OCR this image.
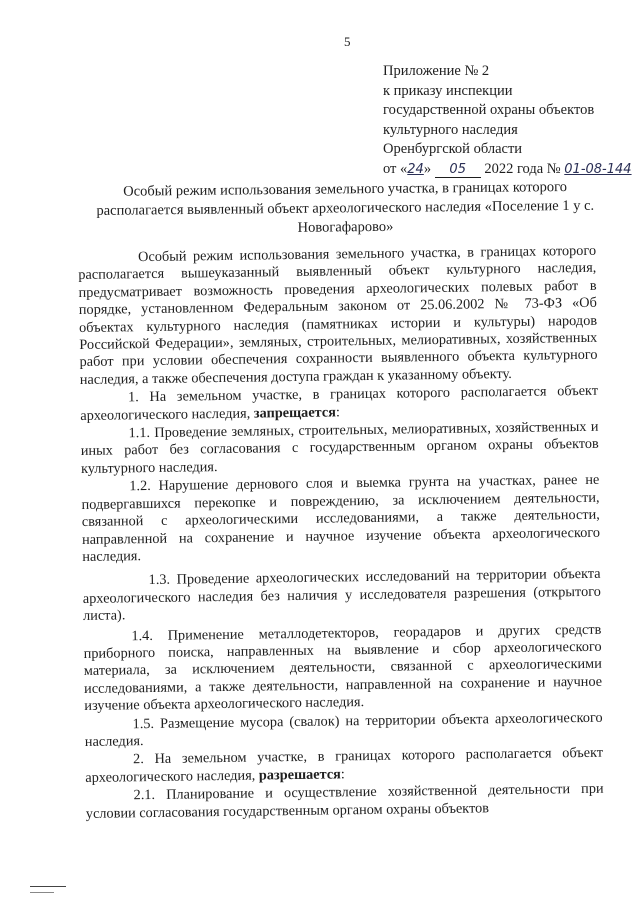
5
Приложение № 2
к приказу инспекции
государственной охраны объектов
культурного наследия
Оренбургской области
от «24» 05 2022 года № 01-08-144
Особый режим использования земельного участка, в границах которого располагается выявленный объект археологического наследия «Поселение 1 у с. Новогафарово»

Особый режим использования земельного участка, в границах которого располагается вышеуказанный выявленный объект культурного наследия, предусматривает возможность проведения археологических полевых работ в порядке, установленном Федеральным законом от 25.06.2002 № 73-ФЗ «Об объектах культурного наследия (памятниках истории и культуры) народов Российской Федерации», земляных, строительных, мелиоративных, хозяйственных работ при условии обеспечения сохранности выявленного объекта культурного наследия, а также обеспечения доступа граждан к указанному объекту.

1. На земельном участке, в границах которого располагается объект археологического наследия, запрещается:

1.1. Проведение земляных, строительных, мелиоративных, хозяйственных и иных работ без согласования с государственным органом охраны объектов культурного наследия.

1.2. Нарушение дернового слоя и выемка грунта на участках, ранее не подвергавшихся перекопке и повреждению, за исключением деятельности, связанной с археологическими исследованиями, а также деятельности, направленной на сохранение и научное изучение объекта археологического наследия.

1.3. Проведение археологических исследований на территории объекта археологического наследия без наличия у исследователя разрешения (открытого листа).

1.4. Применение металлодетекторов, георадаров и других средств приборного поиска, направленных на выявление и сбор археологического материала, за исключением деятельности, связанной с археологическими исследованиями, а также деятельности, направленной на сохранение и научное изучение объекта археологического наследия.

1.5. Размещение мусора (свалок) на территории объекта археологического наследия.

2. На земельном участке, в границах которого располагается объект археологического наследия, разрешается:

2.1. Планирование и осуществление хозяйственной деятельности при условии согласования государственным органом охраны объектов
